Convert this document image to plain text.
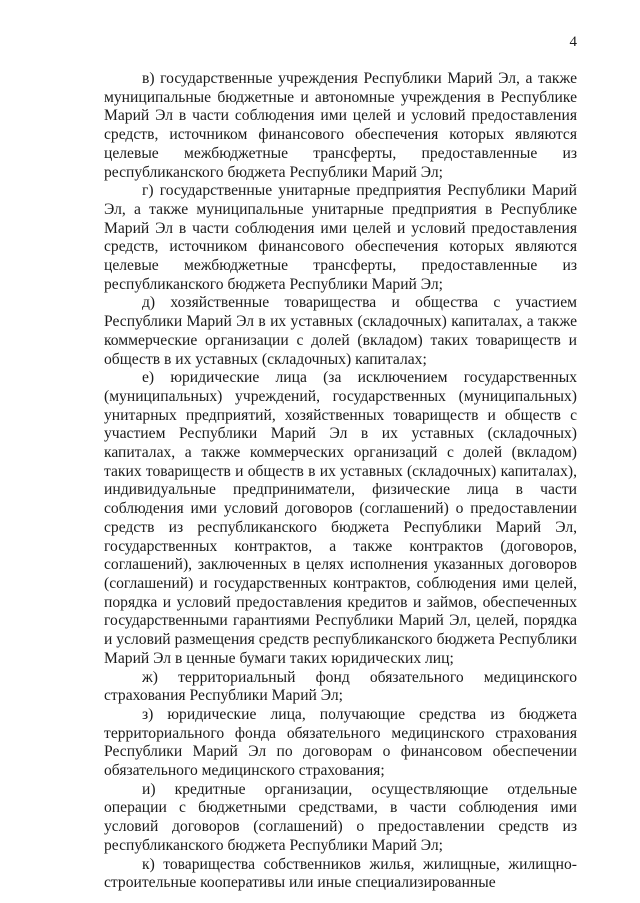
4

в) государственные учреждения Республики Марий Эл, а также муниципальные бюджетные и автономные учреждения в Республике Марий Эл в части соблюдения ими целей и условий предоставления средств, источником финансового обеспечения которых являются целевые межбюджетные трансферты, предоставленные из республиканского бюджета Республики Марий Эл;

г) государственные унитарные предприятия Республики Марий Эл, а также муниципальные унитарные предприятия в Республике Марий Эл в части соблюдения ими целей и условий предоставления средств, источником финансового обеспечения которых являются целевые межбюджетные трансферты, предоставленные из республиканского бюджета Республики Марий Эл;

д) хозяйственные товарищества и общества с участием Республики Марий Эл в их уставных (складочных) капиталах, а также коммерческие организации с долей (вкладом) таких товариществ и обществ в их уставных (складочных) капиталах;

е) юридические лица (за исключением государственных (муниципальных) учреждений, государственных (муниципальных) унитарных предприятий, хозяйственных товариществ и обществ с участием Республики Марий Эл в их уставных (складочных) капиталах, а также коммерческих организаций с долей (вкладом) таких товариществ и обществ в их уставных (складочных) капиталах), индивидуальные предприниматели, физические лица в части соблюдения ими условий договоров (соглашений) о предоставлении средств из республиканского бюджета Республики Марий Эл, государственных контрактов, а также контрактов (договоров, соглашений), заключенных в целях исполнения указанных договоров (соглашений) и государственных контрактов, соблюдения ими целей, порядка и условий предоставления кредитов и займов, обеспеченных государственными гарантиями Республики Марий Эл, целей, порядка и условий размещения средств республиканского бюджета Республики Марий Эл в ценные бумаги таких юридических лиц;

ж) территориальный фонд обязательного медицинского страхования Республики Марий Эл;

з) юридические лица, получающие средства из бюджета территориального фонда обязательного медицинского страхования Республики Марий Эл по договорам о финансовом обеспечении обязательного медицинского страхования;

и) кредитные организации, осуществляющие отдельные операции с бюджетными средствами, в части соблюдения ими условий договоров (соглашений) о предоставлении средств из республиканского бюджета Республики Марий Эл;

к) товарищества собственников жилья, жилищные, жилищно-строительные кооперативы или иные специализированные
